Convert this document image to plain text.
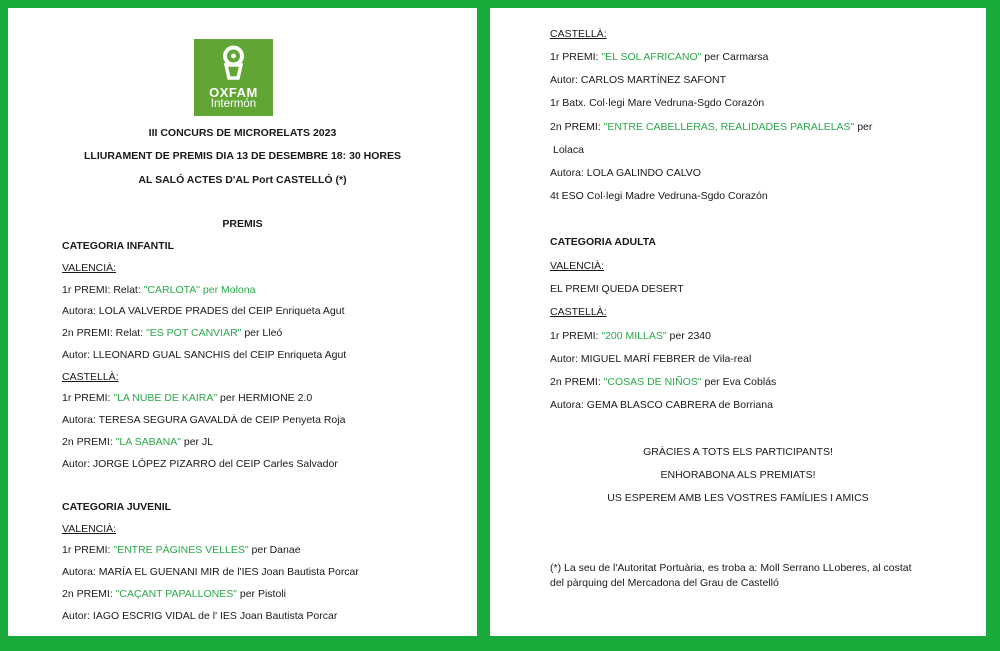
OXFAM
Intermón
III CONCURS DE MICRORELATS 2023
LLIURAMENT DE PREMIS DIA 13 DE DESEMBRE 18: 30 HORES
AL SALÓ ACTES D'AL Port CASTELLÓ (*)
PREMIS
CATEGORIA INFANTIL
VALENCIÀ:
1r PREMI: Relat: "CARLOTA" per Molona
Autora: LOLA VALVERDE PRADES del CEIP Enriqueta Agut
2n PREMI: Relat: "ES POT CANVIAR" per Lleó
Autor: LLEONARD GUAL SANCHIS del CEIP Enriqueta Agut
CASTELLÀ:
1r PREMI: "LA NUBE DE KAIRA" per HERMIONE 2.0
Autora: TERESA SEGURA GAVALDÀ de CEIP Penyeta Roja
2n PREMI: "LA SABANA" per JL
Autor: JORGE LÓPEZ PIZARRO del CEIP Carles Salvador
CATEGORIA JUVENIL
VALENCIÀ:
1r PREMI: "ENTRE PÀGINES VELLES" per Danae
Autora: MARÍA EL GUENANI MIR de l'IES Joan Bautista Porcar
2n PREMI: "CAÇANT PAPALLONES" per Pistoli
Autor: IAGO ESCRIG VIDAL de l' IES Joan Bautista Porcar
CASTELLÀ:
1r PREMI: "EL SOL AFRICANO" per Carmarsa
Autor: CARLOS MARTÍNEZ SAFONT
1r Batx. Col·legi Mare Vedruna-Sgdo Corazón
2n PREMI: "ENTRE CABELLERAS, REALIDADES PARALELAS" per
Lolaca
Autora: LOLA GALINDO CALVO
4t ESO Col·legi Madre Vedruna-Sgdo Corazón
CATEGORIA ADULTA
VALENCIÀ:
EL PREMI QUEDA DESERT
CASTELLÀ:
1r PREMI: "200 MILLAS" per 2340
Autor: MIGUEL MARÍ FEBRER de Vila-real
2n PREMI: "COSAS DE NIÑOS" per Eva Coblás
Autora: GEMA BLASCO CABRERA de Borriana
GRÀCIES A TOTS ELS PARTICIPANTS!
ENHORABONA ALS PREMIATS!
US ESPEREM AMB LES VOSTRES FAMÍLIES I AMICS
(*) La seu de l'Autoritat Portuària, es troba a: Moll Serrano LLoberes, al costat
del pàrquing del Mercadona del Grau de Castelló
